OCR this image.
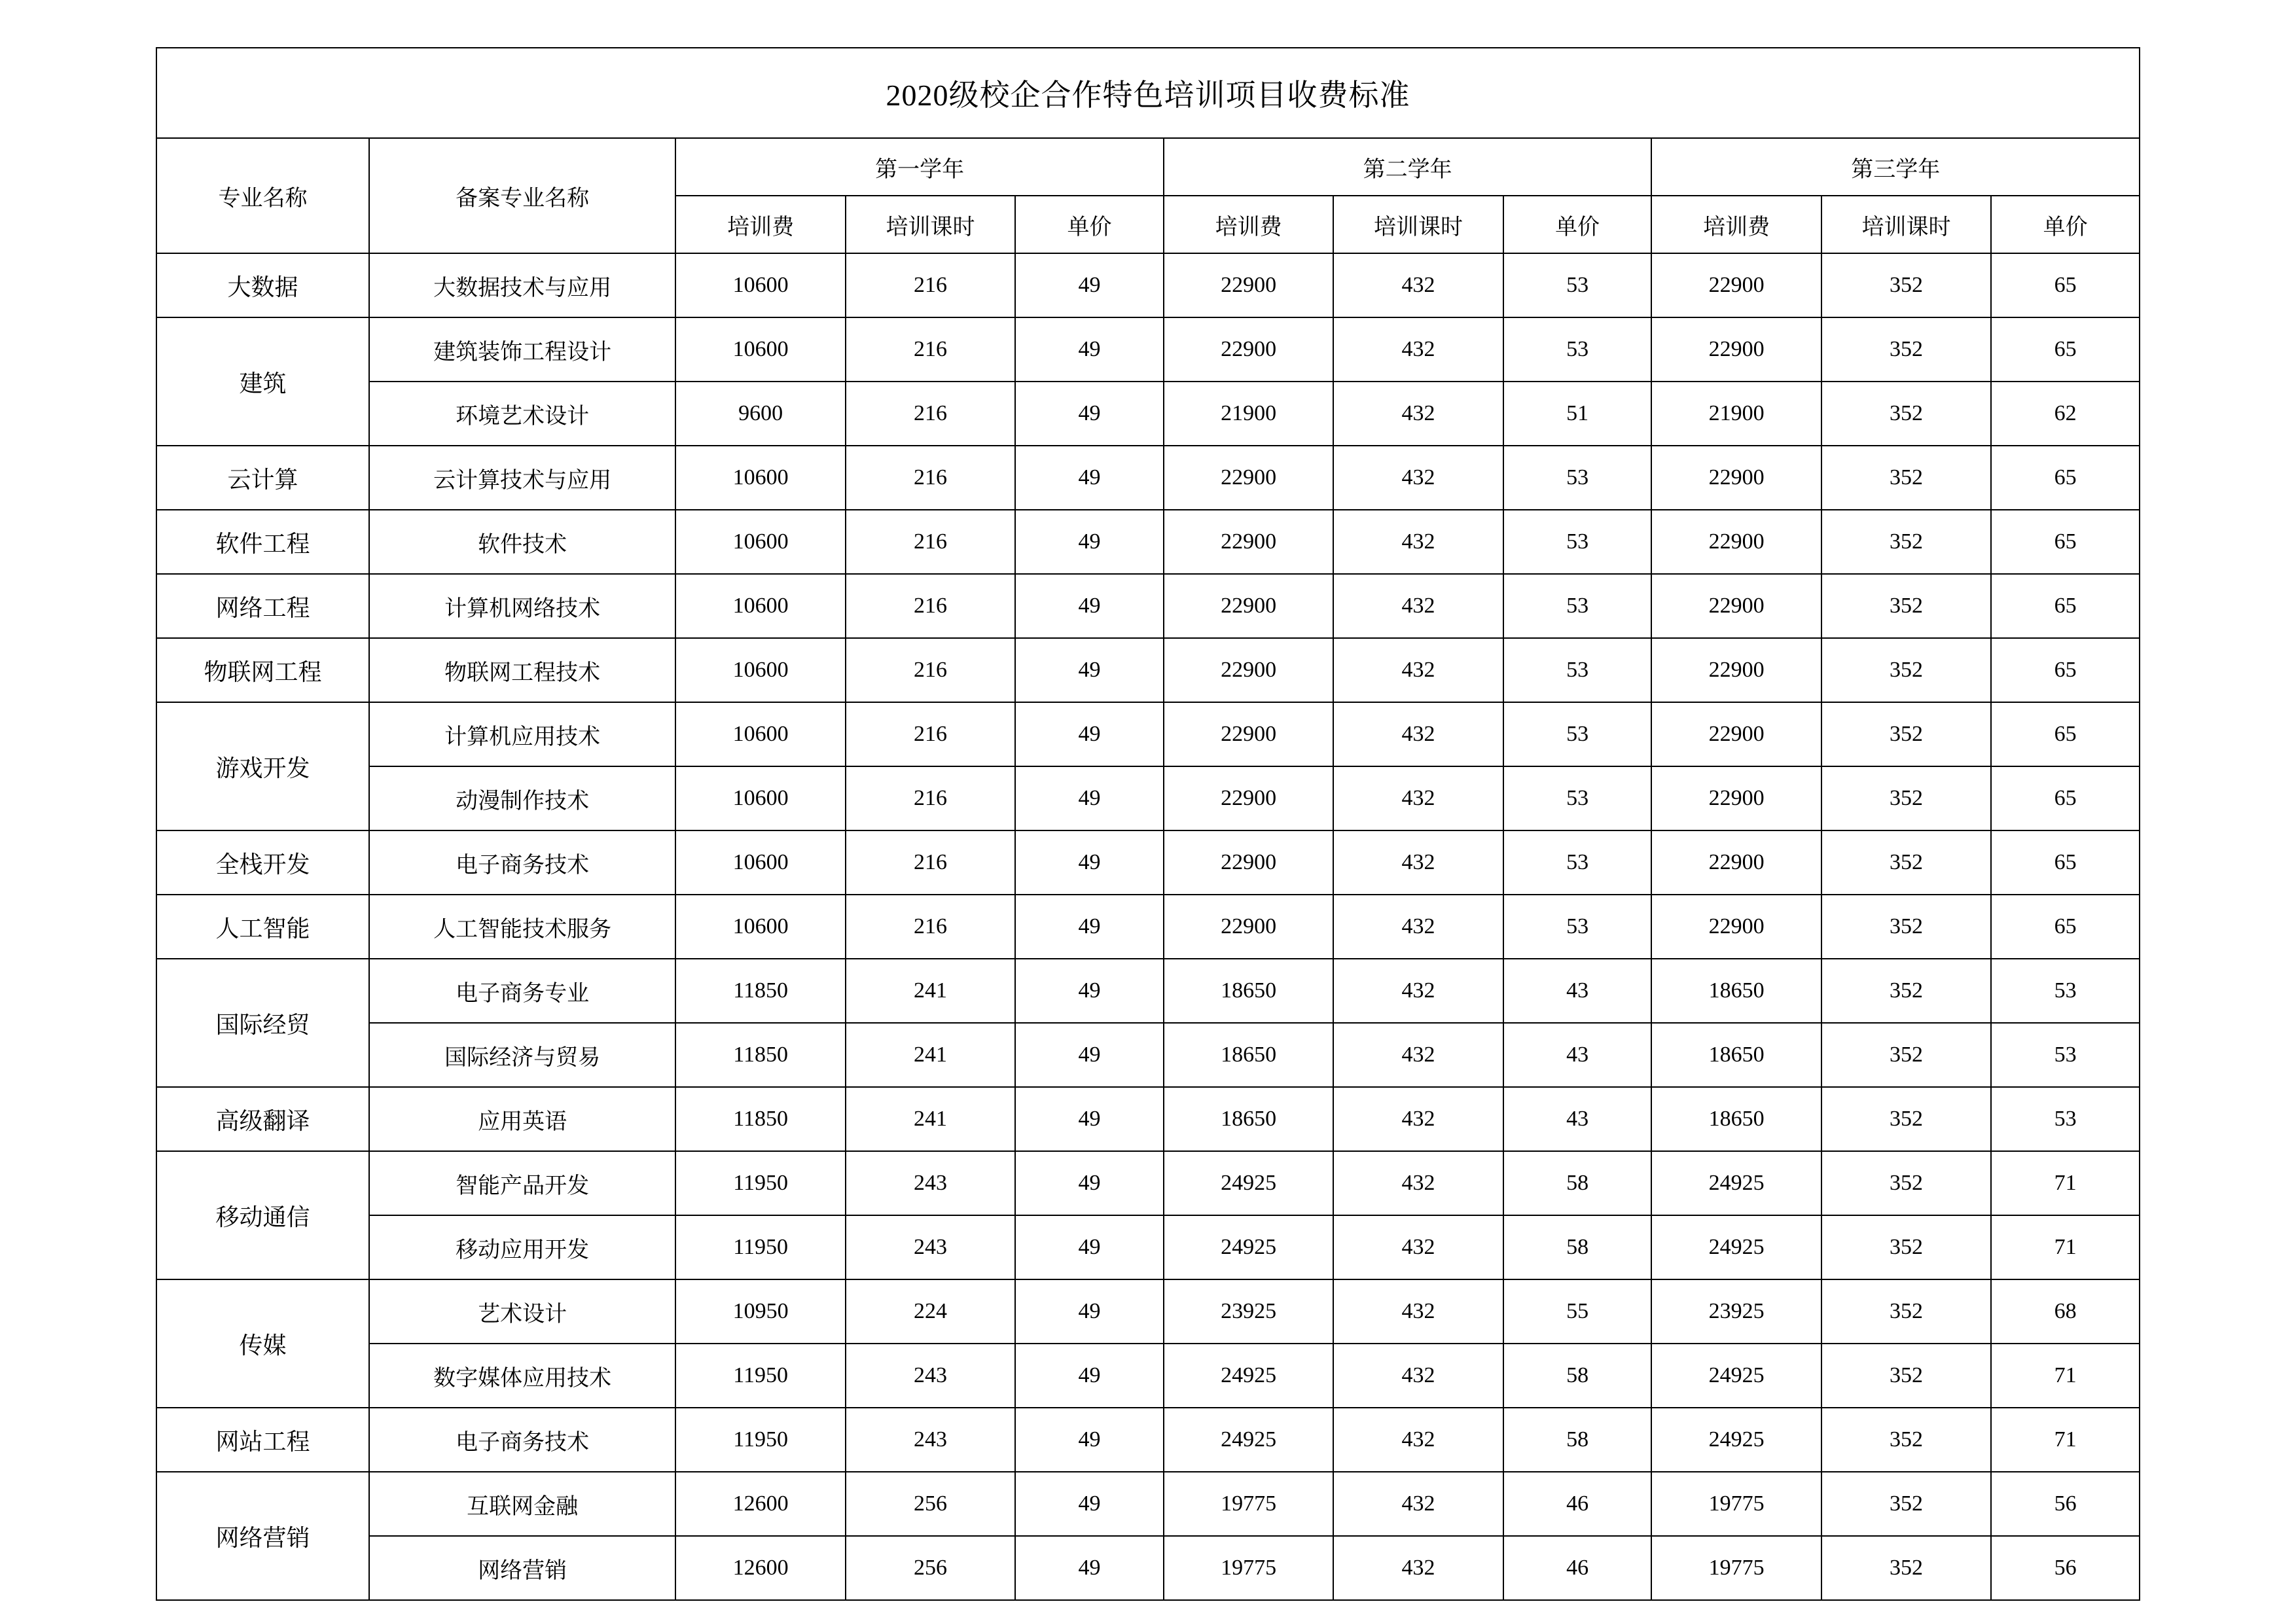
2020级校企合作特色培训项目收费标准										
专业名称	备案专业名称	第一学年			第二学年			第三学年		
		培训费	培训课时	单价	培训费	培训课时	单价	培训费	培训课时	单价
大数据	大数据技术与应用	10600	216	49	22900	432	53	22900	352	65
建筑	建筑装饰工程设计	10600	216	49	22900	432	53	22900	352	65
	环境艺术设计	9600	216	49	21900	432	51	21900	352	62
云计算	云计算技术与应用	10600	216	49	22900	432	53	22900	352	65
软件工程	软件技术	10600	216	49	22900	432	53	22900	352	65
网络工程	计算机网络技术	10600	216	49	22900	432	53	22900	352	65
物联网工程	物联网工程技术	10600	216	49	22900	432	53	22900	352	65
游戏开发	计算机应用技术	10600	216	49	22900	432	53	22900	352	65
	动漫制作技术	10600	216	49	22900	432	53	22900	352	65
全栈开发	电子商务技术	10600	216	49	22900	432	53	22900	352	65
人工智能	人工智能技术服务	10600	216	49	22900	432	53	22900	352	65
国际经贸	电子商务专业	11850	241	49	18650	432	43	18650	352	53
	国际经济与贸易	11850	241	49	18650	432	43	18650	352	53
高级翻译	应用英语	11850	241	49	18650	432	43	18650	352	53
移动通信	智能产品开发	11950	243	49	24925	432	58	24925	352	71
	移动应用开发	11950	243	49	24925	432	58	24925	352	71
传媒	艺术设计	10950	224	49	23925	432	55	23925	352	68
	数字媒体应用技术	11950	243	49	24925	432	58	24925	352	71
网站工程	电子商务技术	11950	243	49	24925	432	58	24925	352	71
网络营销	互联网金融	12600	256	49	19775	432	46	19775	352	56
	网络营销	12600	256	49	19775	432	46	19775	352	56
